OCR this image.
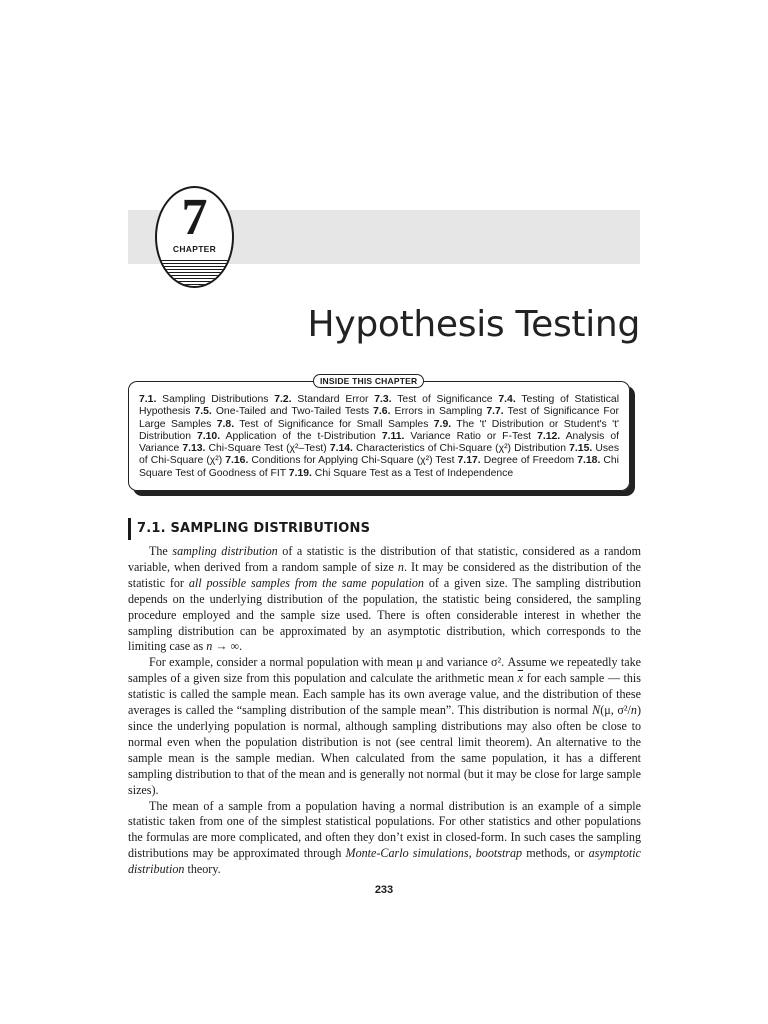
7
CHAPTER
Hypothesis Testing
7.1. Sampling Distributions 7.2. Standard Error 7.3. Test of Significance 7.4. Testing of Statistical Hypothesis 7.5. One-Tailed and Two-Tailed Tests 7.6. Errors in Sampling 7.7. Test of Significance For Large Samples 7.8. Test of Significance for Small Samples 7.9. The 't' Distribution or Student's 't' Distribution 7.10. Application of the t-Distribution 7.11. Variance Ratio or F-Test 7.12. Analysis of Variance 7.13. Chi-Square Test (χ²–Test) 7.14. Characteristics of Chi-Square (χ²) Distribution 7.15. Uses of Chi-Square (χ²) 7.16. Conditions for Applying Chi-Square (χ²) Test 7.17. Degree of Freedom 7.18. Chi Square Test of Goodness of FIT 7.19. Chi Square Test as a Test of Independence
INSIDE THIS CHAPTER
7.1. SAMPLING DISTRIBUTIONS

The sampling distribution of a statistic is the distribution of that statistic, considered as a random variable, when derived from a random sample of size n. It may be considered as the distribution of the statistic for all possible samples from the same population of a given size. The sampling distribution depends on the underlying distribution of the population, the statistic being considered, the sampling procedure employed and the sample size used. There is often considerable interest in whether the sampling distribution can be approximated by an asymptotic distribution, which corresponds to the limiting case as n → ∞.

For example, consider a normal population with mean μ and variance σ². Assume we repeatedly take samples of a given size from this population and calculate the arithmetic mean $\overline{x}$ for each sample — this statistic is called the sample mean. Each sample has its own average value, and the distribution of these averages is called the “sampling distribution of the sample mean”. This distribution is normal N(μ, σ²/n) since the underlying population is normal, although sampling distributions may also often be close to normal even when the population distribution is not (see central limit theorem). An alternative to the sample mean is the sample median. When calculated from the same population, it has a different sampling distribution to that of the mean and is generally not normal (but it may be close for large sample sizes).

The mean of a sample from a population having a normal distribution is an example of a simple statistic taken from one of the simplest statistical populations. For other statistics and other populations the formulas are more complicated, and often they don’t exist in closed-form. In such cases the sampling distributions may be approximated through Monte-Carlo simulations, bootstrap methods, or asymptotic distribution theory.

233
